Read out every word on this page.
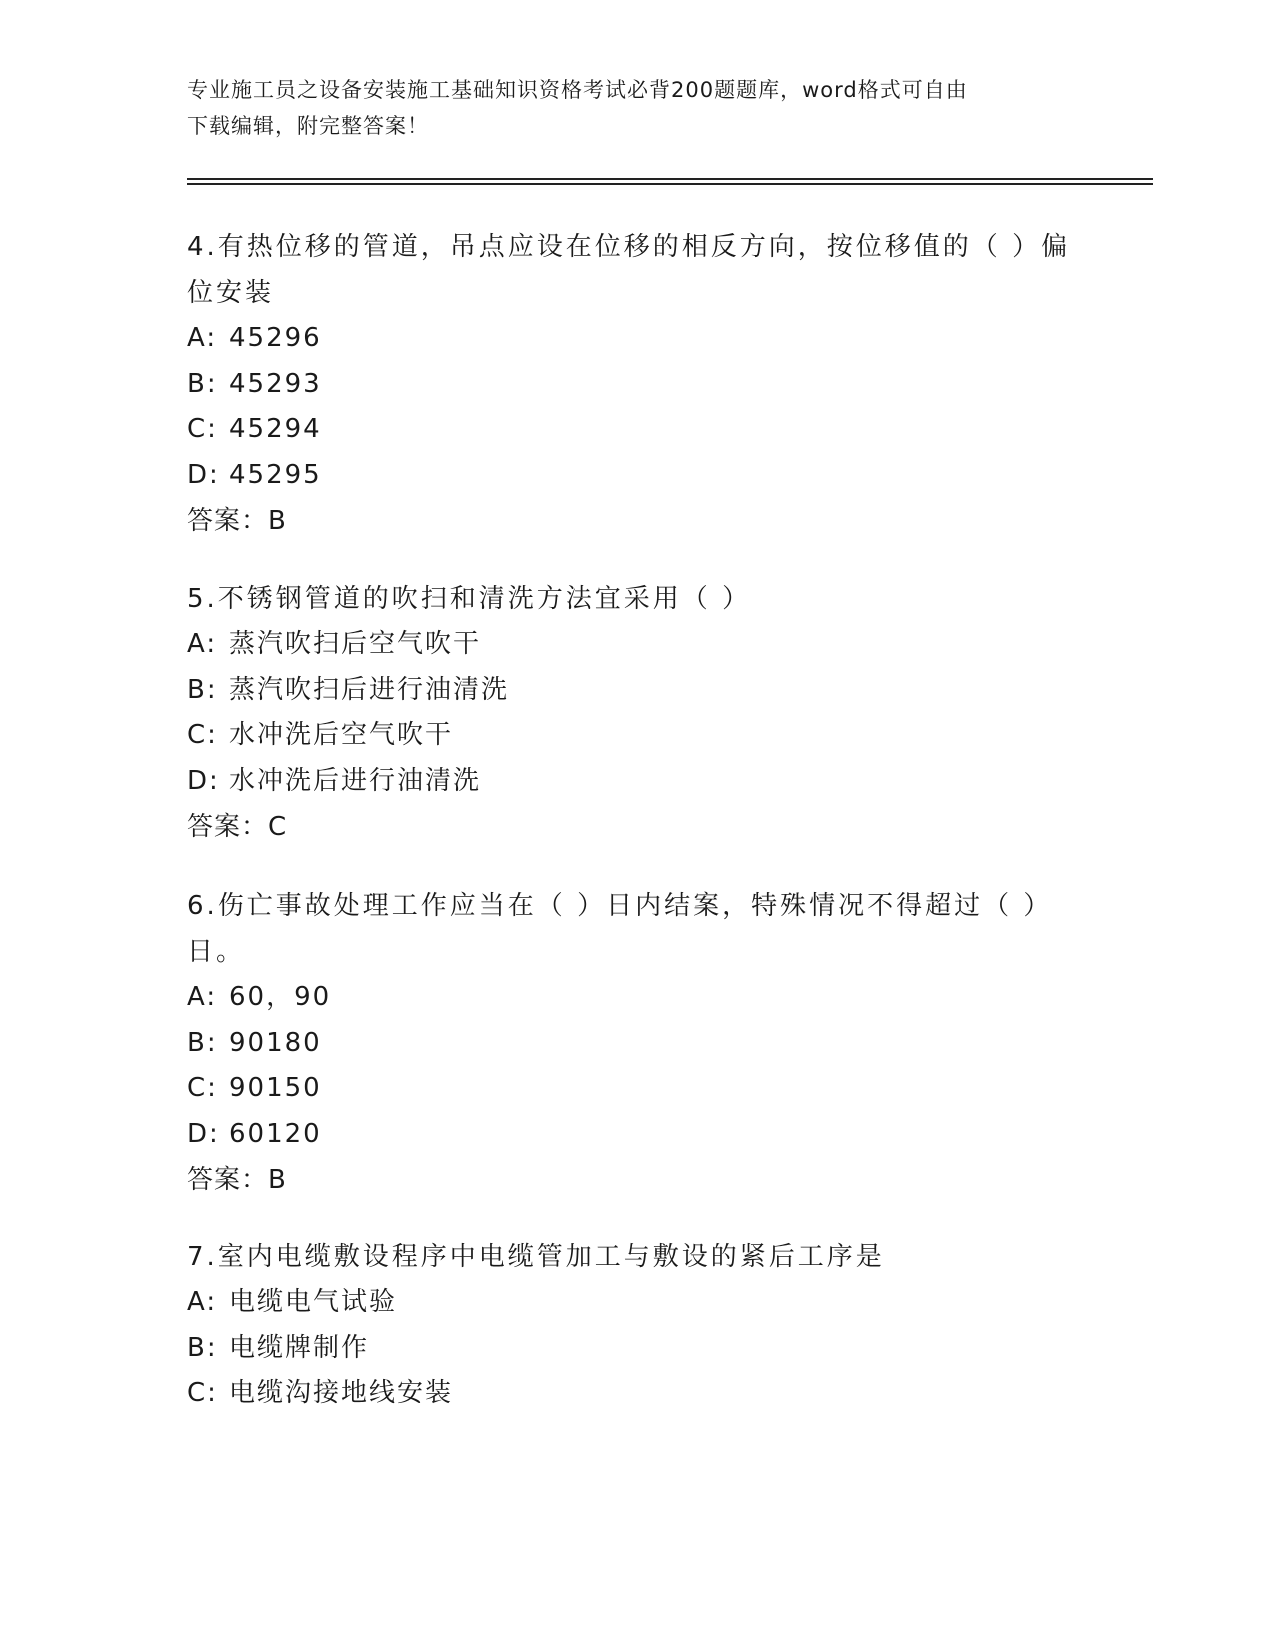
专业施工员之设备安装施工基础知识资格考试必背200题题库，word格式可自由
下载编辑，附完整答案！
4.有热位移的管道，吊点应设在位移的相反方向，按位移值的（ ）偏位安装
A: 45296
B: 45293
C: 45294
D: 45295
答案：B
5.不锈钢管道的吹扫和清洗方法宜采用（ ）
A: 蒸汽吹扫后空气吹干
B: 蒸汽吹扫后进行油清洗
C: 水冲洗后空气吹干
D: 水冲洗后进行油清洗
答案：C
6.伤亡事故处理工作应当在（ ）日内结案，特殊情况不得超过（ ）日。
A: 60，90
B: 90180
C: 90150
D: 60120
答案：B
7.室内电缆敷设程序中电缆管加工与敷设的紧后工序是
A: 电缆电气试验
B: 电缆牌制作
C: 电缆沟接地线安装
